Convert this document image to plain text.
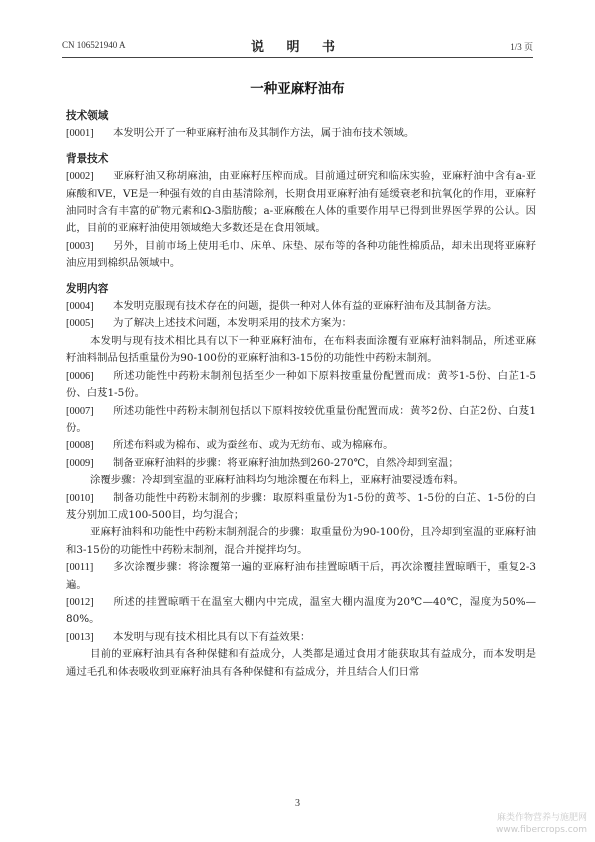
CN 106521940 A	说 明 书	1/3 页
一种亚麻籽油布
技术领域
[0001] 本发明公开了一种亚麻籽油布及其制作方法，属于油布技术领域。
背景技术
[0002] 亚麻籽油又称胡麻油，由亚麻籽压榨而成。目前通过研究和临床实验，亚麻籽油中含有a-亚麻酸和VE，VE是一种强有效的自由基清除剂，长期食用亚麻籽油有延缓衰老和抗氧化的作用，亚麻籽油同时含有丰富的矿物元素和Ω-3脂肪酸；a-亚麻酸在人体的重要作用早已得到世界医学界的公认。因此，目前的亚麻籽油使用领域绝大多数还是在食用领域。
[0003] 另外，目前市场上使用毛巾、床单、床垫、尿布等的各种功能性棉质品，却未出现将亚麻籽油应用到棉织品领域中。
发明内容
[0004] 本发明克服现有技术存在的问题，提供一种对人体有益的亚麻籽油布及其制备方法。
[0005] 为了解决上述技术问题，本发明采用的技术方案为：
本发明与现有技术相比具有以下一种亚麻籽油布，在布料表面涂覆有亚麻籽油料制品，所述亚麻籽油料制品包括重量份为90-100份的亚麻籽油和3-15份的功能性中药粉末制剂。
[0006] 所述功能性中药粉末制剂包括至少一种如下原料按重量份配置而成：黄芩1-5份、白芷1-5份、白芨1-5份。
[0007] 所述功能性中药粉末制剂包括以下原料按较优重量份配置而成：黄芩2份、白芷2份、白芨1份。
[0008] 所述布料或为棉布、或为蚕丝布、或为无纺布、或为棉麻布。
[0009] 制备亚麻籽油料的步骤：将亚麻籽油加热到260-270℃，自然冷却到室温；
涂覆步骤：冷却到室温的亚麻籽油料均匀地涂覆在布料上，亚麻籽油要浸透布料。
[0010] 制备功能性中药粉末制剂的步骤：取原料重量份为1-5份的黄芩、1-5份的白芷、1-5份的白芨分别加工成100-500目，均匀混合；
亚麻籽油料和功能性中药粉末制剂混合的步骤：取重量份为90-100份，且冷却到室温的亚麻籽油和3-15份的功能性中药粉末制剂，混合并搅拌均匀。
[0011] 多次涂覆步骤：将涂覆第一遍的亚麻籽油布挂置晾晒干后，再次涂覆挂置晾晒干，重复2-3遍。
[0012] 所述的挂置晾晒干在温室大棚内中完成，温室大棚内温度为20℃—40℃，湿度为50%—80%。
[0013] 本发明与现有技术相比具有以下有益效果：
目前的亚麻籽油具有各种保健和有益成分，人类都是通过食用才能获取其有益成分，而本发明是通过毛孔和体表吸收到亚麻籽油具有各种保健和有益成分，并且结合人们日常
3
麻类作物营养与施肥网
www.fibercrops.com
